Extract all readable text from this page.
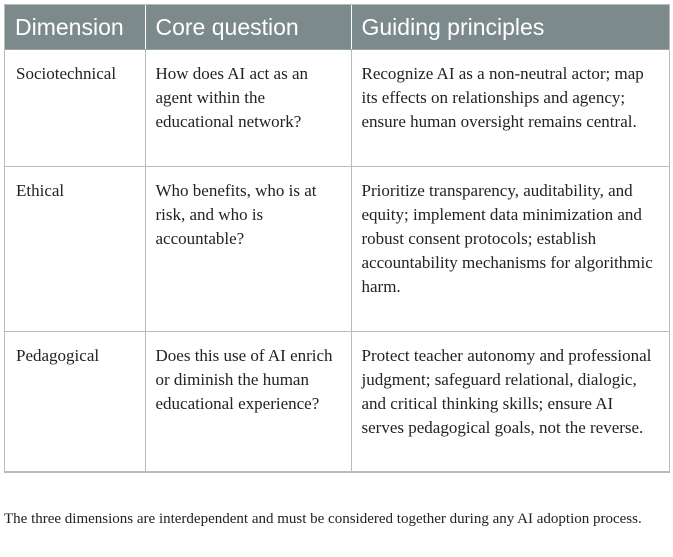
Dimension	Core question	Guiding principles
Sociotechnical	How does AI act as an agent within the educational network?	Recognize AI as a non-neutral actor; map its effects on relationships and agency; ensure human oversight remains central.
Ethical	Who benefits, who is at risk, and who is accountable?	Prioritize transparency, auditability, and equity; implement data minimization and robust consent protocols; establish accountability mechanisms for algorithmic harm.
Pedagogical	Does this use of AI enrich or diminish the human educational experience?	Protect teacher autonomy and professional judgment; safeguard relational, dialogic, and critical thinking skills; ensure AI serves pedagogical goals, not the reverse.
The three dimensions are interdependent and must be considered together during any AI adoption process.
